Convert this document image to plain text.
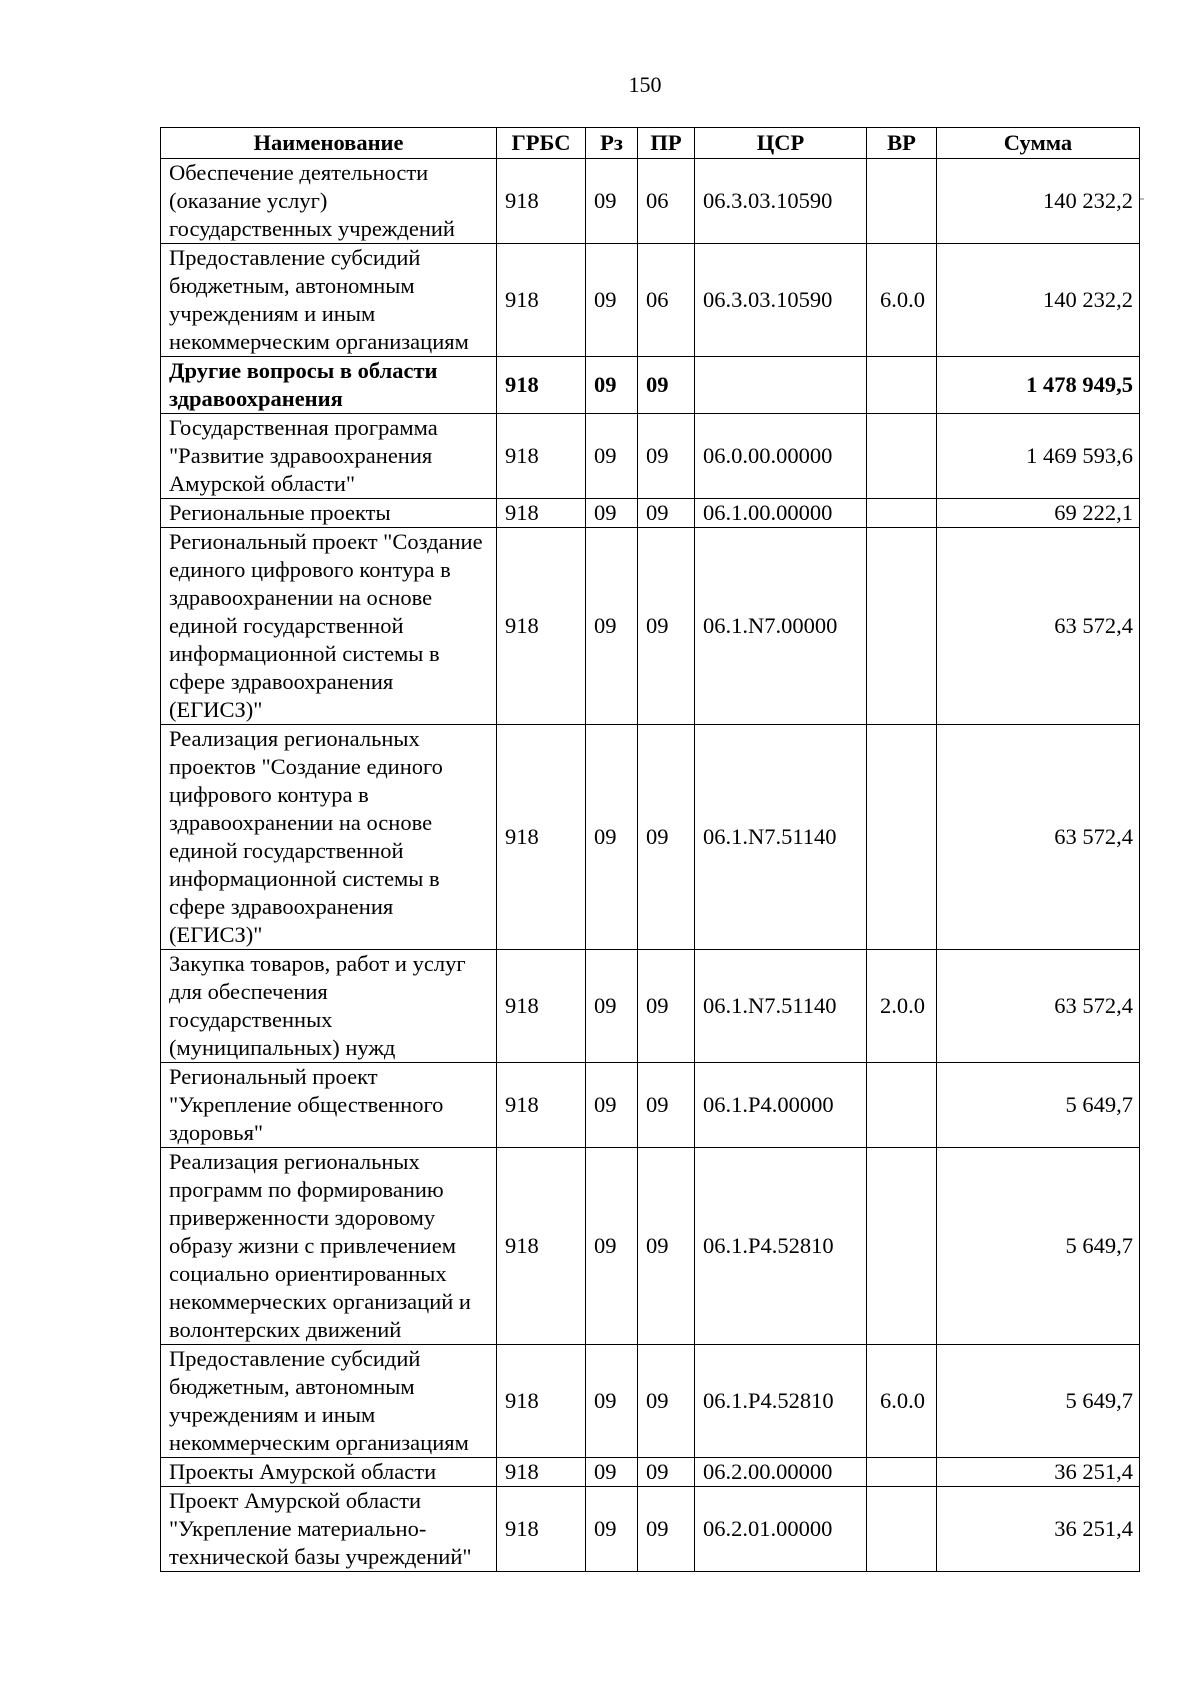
150
Наименование	ГРБС	Рз	ПР	ЦСР	ВР	Сумма
Обеспечение деятельности (оказание услуг) государственных учреждений	918	09	06	06.3.03.10590		140 232,2
Предоставление субсидий бюджетным, автономным учреждениям и иным некоммерческим организациям	918	09	06	06.3.03.10590	6.0.0	140 232,2
Другие вопросы в области здравоохранения	918	09	09			1 478 949,5
Государственная программа "Развитие здравоохранения Амурской области"	918	09	09	06.0.00.00000		1 469 593,6
Региональные проекты	918	09	09	06.1.00.00000		69 222,1
Региональный проект "Создание единого цифрового контура в здравоохранении на основе единой государственной информационной системы в сфере здравоохранения (ЕГИСЗ)"	918	09	09	06.1.N7.00000		63 572,4
Реализация региональных проектов "Создание единого цифрового контура в здравоохранении на основе единой государственной информационной системы в сфере здравоохранения (ЕГИСЗ)"	918	09	09	06.1.N7.51140		63 572,4
Закупка товаров, работ и услуг для обеспечения государственных (муниципальных) нужд	918	09	09	06.1.N7.51140	2.0.0	63 572,4
Региональный проект "Укрепление общественного здоровья"	918	09	09	06.1.P4.00000		5 649,7
Реализация региональных программ по формированию приверженности здоровому образу жизни с привлечением социально ориентированных некоммерческих организаций и волонтерских движений	918	09	09	06.1.P4.52810		5 649,7
Предоставление субсидий бюджетным, автономным учреждениям и иным некоммерческим организациям	918	09	09	06.1.P4.52810	6.0.0	5 649,7
Проекты Амурской области	918	09	09	06.2.00.00000		36 251,4
Проект Амурской области "Укрепление материально-технической базы учреждений"	918	09	09	06.2.01.00000		36 251,4
